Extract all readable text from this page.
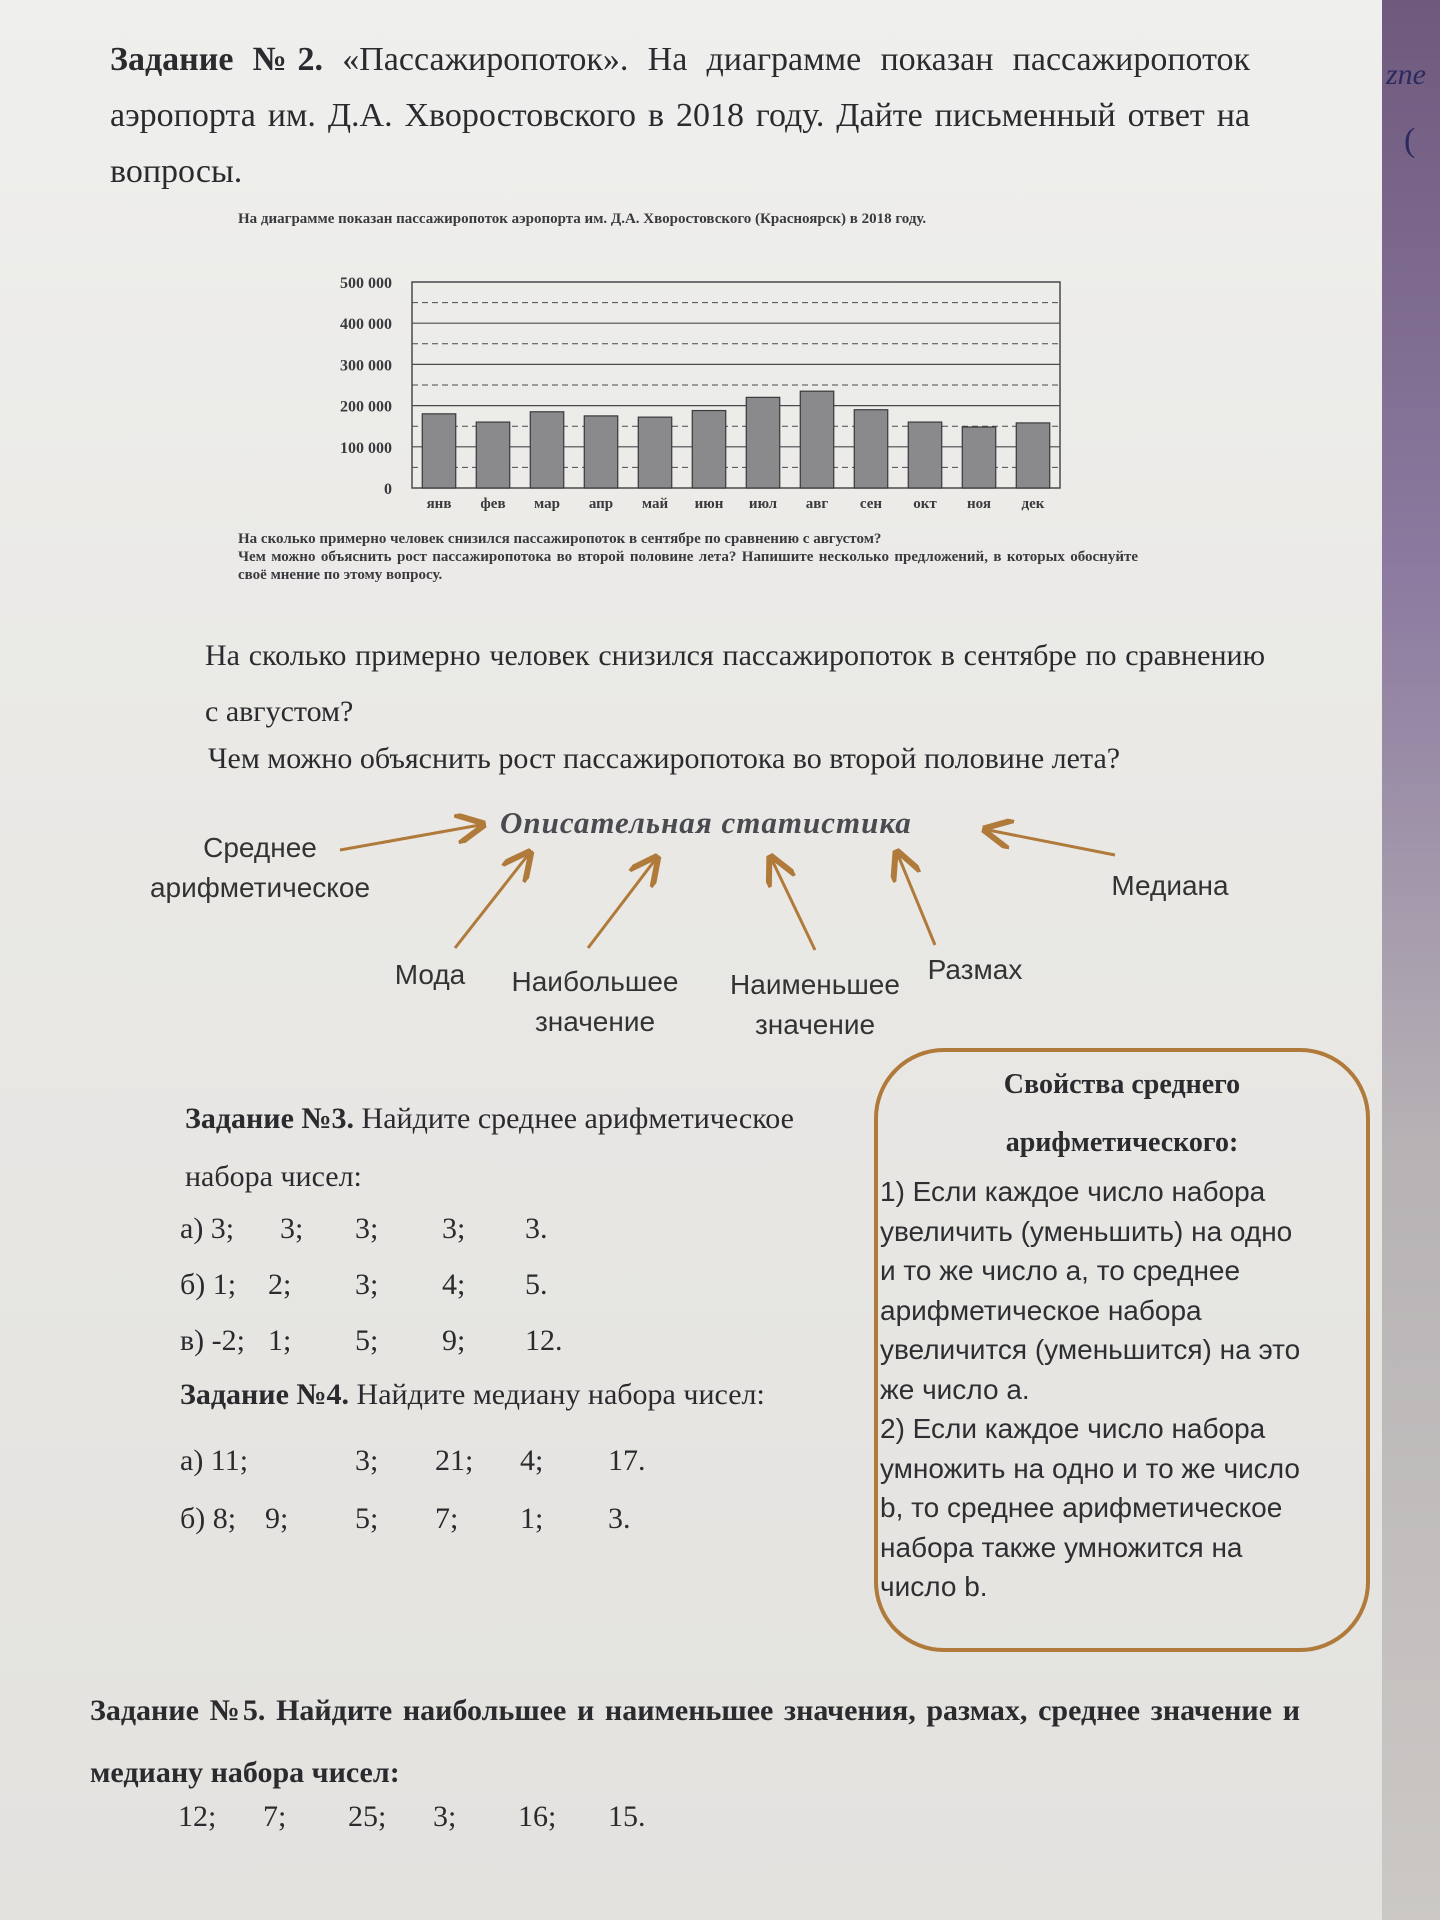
zne
(
Задание №2. «Пассажиропоток». На диаграмме показан пассажиропоток аэропорта им. Д.А. Хворостовского в 2018 году. Дайте письменный ответ на вопросы.
На диаграмме показан пассажиропоток аэропорта им. Д.А. Хворостовского (Красноярск) в 2018 году.
0
100 000
200 000
300 000
400 000
500 000
янв фев мар апр май июн июл авг сен окт ноя дек
На сколько примерно человек снизился пассажиропоток в сентябре по сравнению с августом?
Чем можно объяснить рост пассажиропотока во второй половине лета? Напишите несколько предложений, в которых обоснуйте своё мнение по этому вопросу.
На сколько примерно человек снизился пассажиропоток в сентябре по сравнению с августом?
Чем можно объяснить рост пассажиропотока во второй половине лета?
Описательная статистика
Среднее
арифметическое	Медиана
Мода	Наибольшее
значение
Наименьшее
значение
Размах
Задание №3. Найдите среднее арифметическое
набора чисел:
а) 3; 3; 3; 3; 3.
б) 1; 2; 3; 4; 5.
в) -2; 1; 5; 9; 12.
Задание №4. Найдите медиану набора чисел:
а) 11;	3; 21; 4; 17.
б) 8; 9; 5; 7; 1; 3.
Свойства среднего
арифметического:
1) Если каждое число набора
увеличить (уменьшить) на одно
и то же число а, то среднее
арифметическое набора
увеличится (уменьшится) на это
же число а.
2) Если каждое число набора
умножить на одно и то же число
b, то среднее арифметическое
набора также умножится на
число b.
Задание №5. Найдите наибольшее и наименьшее значения, размах, среднее значение и медиану набора чисел:
12; 7; 25; 3; 16; 15.
